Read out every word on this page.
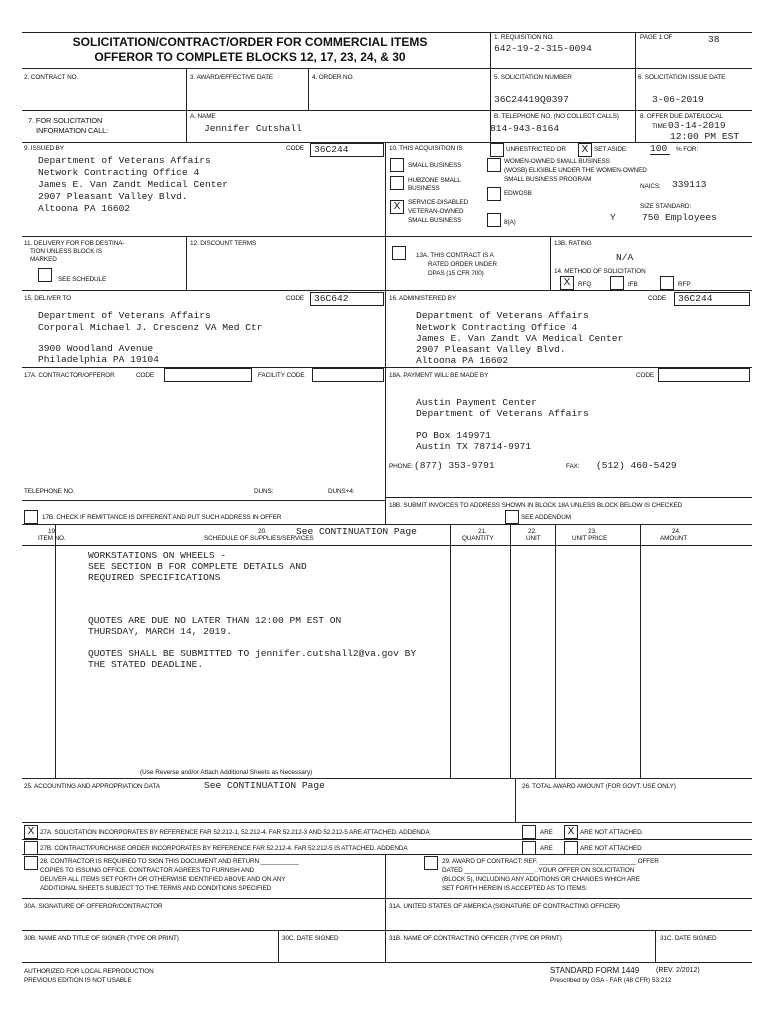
SOLICITATION/CONTRACT/ORDER FOR COMMERCIAL ITEMS
OFFEROR TO COMPLETE BLOCKS 12, 17, 23, 24, & 30
1. REQUISITION NO.
642-19-2-315-0094
PAGE 1 OF	38
2. CONTRACT NO.	3. AWARD/EFFECTIVE DATE	4. ORDER NO.	5. SOLICITATION NUMBER
36C24419Q0397
6. SOLICITATION ISSUE DATE
3-06-2019
7. FOR SOLICITATION
INFORMATION CALL:
A. NAME
Jennifer Cutshall
B. TELEPHONE NO. (NO COLLECT CALLS)
814-943-8164
8. OFFER DUE DATE/LOCAL
TIME 03-14-2019
12:00 PM EST
9. ISSUED BY	CODE 36C244
Department of Veterans Affairs
Network Contracting Office 4
James E. Van Zandt Medical Center
2907 Pleasant Valley Blvd.
Altoona PA 16602
10. THIS ACQUISITION IS	UNRESTRICTED OR	X SET ASIDE: 100	% FOR:
SMALL BUSINESS
HUBZONE SMALL
BUSINESS
X	SERVICE-DISABLED
VETERAN-OWNED
SMALL BUSINESS
WOMEN-OWNED SMALL BUSINESS
(WOSB) ELIGIBLE UNDER THE WOMEN-OWNED
SMALL BUSINESS PROGRAM
EDWOSB
8(A)	Y
NAICS: 339113
SIZE STANDARD:
750 Employees
11. DELIVERY FOR FOB DESTINA-
TION UNLESS BLOCK IS
MARKED
SEE SCHEDULE
12. DISCOUNT TERMS
13A. THIS CONTRACT IS A
RATED ORDER UNDER
DPAS (15 CFR 700)
13B. RATING
N/A
14. METHOD OF SOLICITATION
X	RFQ	IFB	RFP
15. DELIVER TO	CODE 36C642
Department of Veterans Affairs
Corporal Michael J. Crescenz VA Med Ctr
3900 Woodland Avenue
Philadelphia PA 19104
16. ADMINISTERED BY	CODE 36C244
Department of Veterans Affairs
Network Contracting Office 4
James E. Van Zandt VA Medical Center
2907 Pleasant Valley Blvd.
Altoona PA 16602
17A. CONTRACTOR/OFFEROR	CODE	FACILITY CODE
TELEPHONE NO.	DUNS:	DUNS+4:
17B. CHECK IF REMITTANCE IS DIFFERENT AND PUT SUCH ADDRESS IN OFFER
18A. PAYMENT WILL BE MADE BY	CODE
Austin Payment Center
Department of Veterans Affairs
PO Box 149971
Austin TX 78714-9971
PHONE: (877) 353-9791	FAX: (512) 460-5429
18B. SUBMIT INVOICES TO ADDRESS SHOWN IN BLOCK 18A UNLESS BLOCK BELOW IS CHECKED
SEE ADDENDUM
19.
ITEM NO.
20.
SCHEDULE OF SUPPLIES/SERVICES
See CONTINUATION Page	21.
QUANTITY
22.
UNIT
23.
UNIT PRICE
24.
AMOUNT
WORKSTATIONS ON WHEELS -
SEE SECTION B FOR COMPLETE DETAILS AND
REQUIRED SPECIFICATIONS
QUOTES ARE DUE NO LATER THAN 12:00 PM EST ON
THURSDAY, MARCH 14, 2019.
QUOTES SHALL BE SUBMITTED TO jennifer.cutshall2@va.gov BY
THE STATED DEADLINE.
(Use Reverse and/or Attach Additional Sheets as Necessary)
25. ACCOUNTING AND APPROPRIATION DATA	See CONTINUATION Page	26. TOTAL AWARD AMOUNT (FOR GOVT. USE ONLY)
X 27A. SOLICITATION INCORPORATES BY REFERENCE FAR 52.212-1, 52.212-4. FAR 52.212-3 AND 52.212-5 ARE ATTACHED. ADDENDA	ARE	X ARE NOT ATTACHED.
27B. CONTRACT/PURCHASE ORDER INCORPORATES BY REFERENCE FAR 52.212-4. FAR 52.212-5 IS ATTACHED. ADDENDA	ARE	ARE NOT ATTACHED
28. CONTRACTOR IS REQUIRED TO SIGN THIS DOCUMENT AND RETURN ___________
COPIES TO ISSUING OFFICE. CONTRACTOR AGREES TO FURNISH AND
DELIVER ALL ITEMS SET FORTH OR OTHERWISE IDENTIFIED ABOVE AND ON ANY
ADDITIONAL SHEETS SUBJECT TO THE TERMS AND CONDITIONS SPECIFIED
29. AWARD OF CONTRACT: REF. ____________________________ OFFER
DATED ____________________ . YOUR OFFER ON SOLICITATION
(BLOCK 5), INCLUDING ANY ADDITIONS OR CHANGES WHICH ARE
SET FORTH HEREIN IS ACCEPTED AS TO ITEMS:
30A. SIGNATURE OF OFFEROR/CONTRACTOR	31A. UNITED STATES OF AMERICA (SIGNATURE OF CONTRACTING OFFICER)
30B. NAME AND TITLE OF SIGNER (TYPE OR PRINT)	30C. DATE SIGNED	31B. NAME OF CONTRACTING OFFICER (TYPE OR PRINT)	31C. DATE SIGNED
AUTHORIZED FOR LOCAL REPRODUCTION
PREVIOUS EDITION IS NOT USABLE
STANDARD FORM 1449 (REV. 2/2012)
Prescribed by GSA - FAR (48 CFR) 53.212
